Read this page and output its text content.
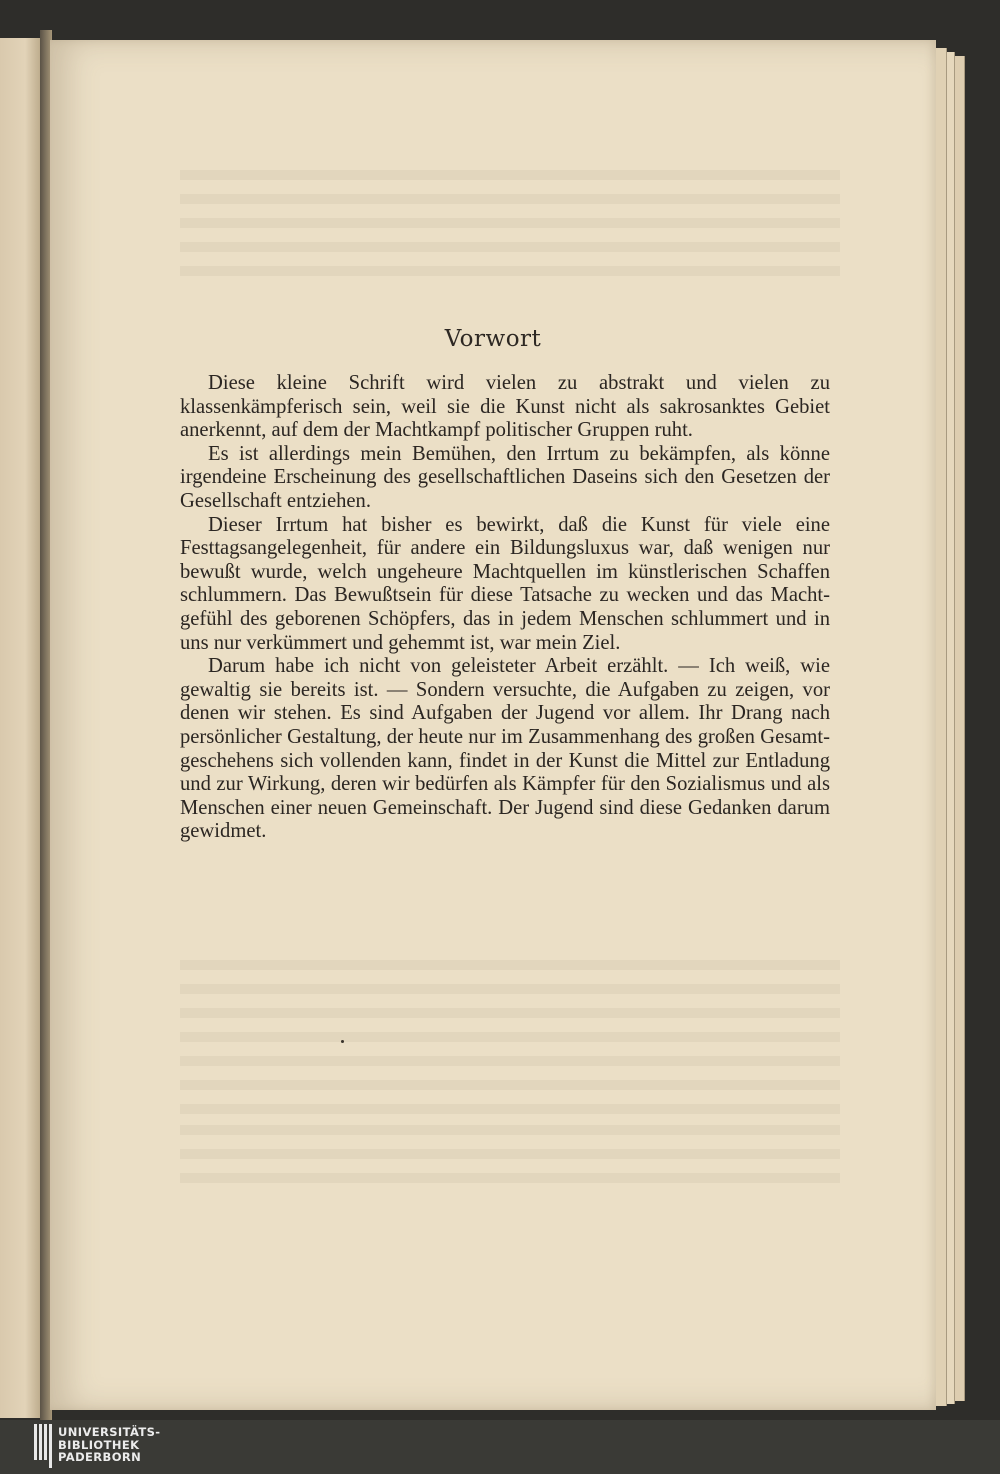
Vorwort

Diese kleine Schrift wird vielen zu abstrakt und vielen zu klassenkämpferisch sein, weil sie die Kunst nicht als sakrosanktes Gebiet anerkennt, auf dem der Machtkampf politischer Gruppen ruht.

Es ist allerdings mein Bemühen, den Irrtum zu bekämpfen, als könne irgendeine Erscheinung des gesellschaftlichen Daseins sich den Gesetzen der Gesellschaft entziehen.

Dieser Irrtum hat bisher es bewirkt, daß die Kunst für viele eine Festtagsangelegenheit, für andere ein Bildungsluxus war, daß wenigen nur bewußt wurde, welch ungeheure Machtquellen im künstlerischen Schaffen schlummern. Das Bewußtsein für diese Tatsache zu wecken und das Machtgefühl des geborenen Schöpfers, das in jedem Menschen schlummert und in uns nur verkümmert und gehemmt ist, war mein Ziel.

Darum habe ich nicht von geleisteter Arbeit erzählt. — Ich weiß, wie gewaltig sie bereits ist. — Sondern versuchte, die Aufgaben zu zeigen, vor denen wir stehen. Es sind Aufgaben der Jugend vor allem. Ihr Drang nach persönlicher Gestaltung, der heute nur im Zusammenhang des großen Gesamtgeschehens sich vollenden kann, findet in der Kunst die Mittel zur Entladung und zur Wirkung, deren wir bedürfen als Kämpfer für den Sozialismus und als Menschen einer neuen Gemeinschaft. Der Jugend sind diese Gedanken darum gewidmet.

UNIVERSITÄTS-
BIBLIOTHEK
PADERBORN
